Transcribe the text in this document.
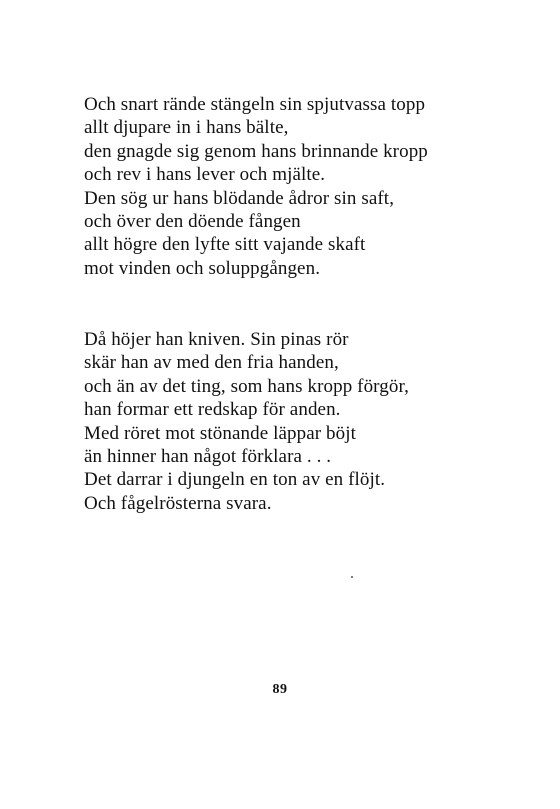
Och snart rände stängeln sin spjutvassa topp
allt djupare in i hans bälte,
den gnagde sig genom hans brinnande kropp
och rev i hans lever och mjälte.
Den sög ur hans blödande ådror sin saft,
och över den döende fången
allt högre den lyfte sitt vajande skaft
mot vinden och soluppgången.
Då höjer han kniven. Sin pinas rör
skär han av med den fria handen,
och än av det ting, som hans kropp förgör,
han formar ett redskap för anden.
Med röret mot stönande läppar böjt
än hinner han något förklara . . .
Det darrar i djungeln en ton av en flöjt.
Och fågelrösterna svara.
89
